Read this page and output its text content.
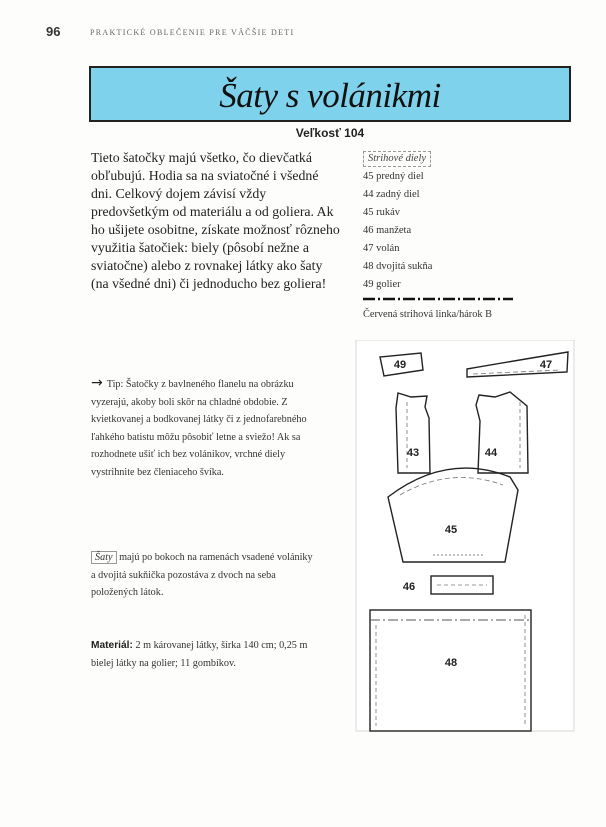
96	PRAKTICKÉ OBLEČENIE PRE VÄČŠIE DETI
Šaty s volánikmi
Veľkosť 104
Tieto šatočky majú všetko, čo dievčatká obľubujú. Hodia sa na sviatočné i všedné dni. Celkový dojem závisí vždy predovšetkým od materiálu a od goliera. Ak ho ušijete osobitne, získate možnosť rôzneho využitia šatočiek: biely (pôsobí nežne a sviatočne) alebo z rovnakej látky ako šaty (na všedné dni) či jednoducho bez goliera!
→ Tip: Šatočky z bavlneného flanelu na obrázku vyzerajú, akoby boli skôr na chladné obdobie. Z kvietkovanej a bodkovanej látky či z jednofarebného ľahkého batistu môžu pôsobiť letne a sviežo! Ak sa rozhodnete ušiť ich bez volánikov, vrchné diely vystrihnite bez členiaceho švíka.
Šaty majú po bokoch na ramenách vsadené volániky a dvojitá sukňička pozostáva z dvoch na seba položených látok.
Materiál: 2 m károvanej látky, šírka 140 cm; 0,25 m bielej látky na golier; 11 gombíkov.
Strihové diely
45 predný diel
44 zadný diel
45 rukáv
46 manžeta
47 volán
48 dvojitá sukňa
49 golier
Červená strihová linka/hárok B
49	47
43	44
45
46
48
